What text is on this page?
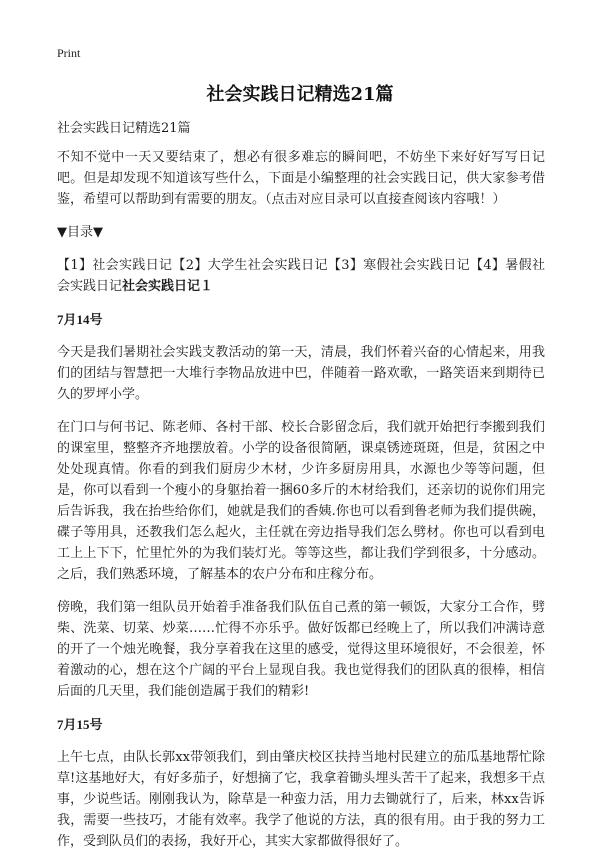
Print
社会实践日记精选21篇

社会实践日记精选21篇

不知不觉中一天又要结束了，想必有很多难忘的瞬间吧，不妨坐下来好好写写日记吧。但是却发现不知道该写些什么，下面是小编整理的社会实践日记，供大家参考借鉴，希望可以帮助到有需要的朋友。（点击对应目录可以直接查阅该内容哦！）

▼目录▼

【1】社会实践日记【2】大学生社会实践日记【3】寒假社会实践日记【4】暑假社会实践日记社会实践日记１

7月14号

今天是我们暑期社会实践支教活动的第一天，清晨，我们怀着兴奋的心情起来，用我们的团结与智慧把一大堆行李物品放进中巴，伴随着一路欢歌，一路笑语来到期待已久的罗坪小学。

在门口与何书记、陈老师、各村干部、校长合影留念后，我们就开始把行李搬到我们的课室里，整整齐齐地摆放着。小学的设备很简陋，课桌锈迹斑斑，但是，贫困之中处处现真情。你看的到我们厨房少木材，少许多厨房用具，水源也少等等问题，但是，你可以看到一个瘦小的身躯抬着一捆60多斤的木材给我们，还亲切的说你们用完后告诉我，我在抬些给你们，她就是我们的香姨.你也可以看到鲁老师为我们提供碗，碟子等用具，还教我们怎么起火，主任就在旁边指导我们怎么劈材。你也可以看到电工上上下下，忙里忙外的为我们装灯光。等等这些，都让我们学到很多，十分感动。之后，我们熟悉环境，了解基本的农户分布和庄稼分布。

傍晚，我们第一组队员开始着手准备我们队伍自己煮的第一顿饭，大家分工合作，劈柴、洗菜、切菜、炒菜……忙得不亦乐乎。做好饭都已经晚上了，所以我们冲满诗意的开了一个烛光晚餐，我分享着我在这里的感受，觉得这里环境很好，不会很差，怀着激动的心，想在这个广阔的平台上显现自我。我也觉得我们的团队真的很棒，相信后面的几天里，我们能创造属于我们的精彩!

7月15号

上午七点，由队长郭xx带领我们，到由肇庆校区扶持当地村民建立的茄瓜基地帮忙除草!这基地好大，有好多茄子，好想摘了它，我拿着锄头埋头苦干了起来，我想多干点事，少说些话。刚刚我认为，除草是一种蛮力活，用力去锄就行了，后来，林xx告诉我，需要一些技巧，才能有效率。我学了他说的方法，真的很有用。由于我的努力工作，受到队员们的表扬，我好开心，其实大家都做得很好了。
